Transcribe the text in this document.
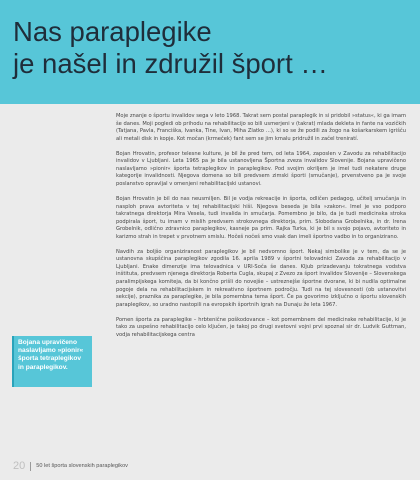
Nas paraplegike
je našel in združil šport …

Moje znanje o športu invalidov sega v leto 1968. Takrat sem postal paraplegik in si pridobil »status«, ki ga imam še danes. Moji pogledi ob prihodu na rehabilitacijo so bili usmerjeni v (takrat) mlada dekleta in fante na vozičkih (Tatjana, Pavla, Franciška, Ivanka, Tine, Ivan, Miha Zlatko …), ki so se že podili za žogo na košarkarskem igrišču ali metali disk in kopje. Kot močan (krmeček) fant sem se jim kmalu pridružil in začel treniratí.

Bojan Hrovatin, profesor telesne kulture, je bil že pred tem, od leta 1964, zaposlen v Zavodu za rehabilitacijo invalidov v Ljubljani. Leta 1965 pa je bila ustanovljena Športna zveza invalidov Slovenije. Bojana upravičeno naslavljamo »pionir« športa tetraplegikov in paraplegikov. Pod svojim okriljem je imel tudi nekatere druge kategorije invalidnosti. Njegova domena so bili predvsem zimski športi (smučanje), prvenstveno pa je svoje poslanstvo opravljal v omenjeni rehabilitacijski ustanovi.

Bojan Hrovatin je bil do nas neusmiljen. Bil je vodja rekreacije in športa, odličen pedagog, učitelj smučanja in nasploh prava avtoriteta v tej rehabilitacijski hiši. Njegova beseda je bila »zakon«. Imel je vso podporo takratnega direktorja Mira Vesela, tudi invalida in smučarja. Pomembno je bilo, da je tudi medicinska stroka podpirala šport, tu imam v mislih predvsem strokovnega direktorja, prim. Slobodana Grobelnika, in dr. Irena Grobelnik, odlično zdravnico paraplegikov, kasneje pa prim. Rajka Turka, ki je bil s svojo pojavo, avtoriteto in karizmo strah in trepet v prvotnem smislu. Hočeš nočeš smo vsak dan imeli športno vadbo in to organizirano.

Navdih za boljšo organiziranost paraplegikov je bil nedvomno šport. Nekaj simbolike je v tem, da se je ustanovna skupščina paraplegikov zgodila 16. aprila 1989 v športni telovadnici Zavoda za rehabilitacijo v Ljubljani. Enake dimenzije ima telovadnica v URI-Soča še danes. Kljub prizadevanju tokratnega vodstva inštituta, predvsem njenega direktorja Roberta Cugla, skupaj z Zvezo za šport invalidov Slovenije – Slovenskega paralimpijskega komiteja, da bi končno prišli do novejše – ustreznejše športne dvorane, ki bi nudila optimalne pogoje dela na rehabilitacijskem in rekreativno športnem področju. Tudi na tej slovesnosti (ob ustanovitvi sekcije), praznika za paraplegike, je bila pomembna tema šport. Če pa govorimo izključno o športu slovenskih paraplegikov, so uradno nastopili na evropskih športnih igrah na Dunaju že leta 1967.

Pomen športa za paraplegike – hrbtenične poškodovance – kot pomembnem del medicinske rehabilitacije, ki je tako za uspešno rehabilitacijo celo ključen, je takoj po drugi svetovni vojni prvi spoznal sir dr. Ludvik Guttman, vodja rehabilitacijskega centra

Bojana upravičeno naslavljamo »pionir« športa tetraplegikov in paraplegikov.
20 50 let športa slovenskih paraplegikov
